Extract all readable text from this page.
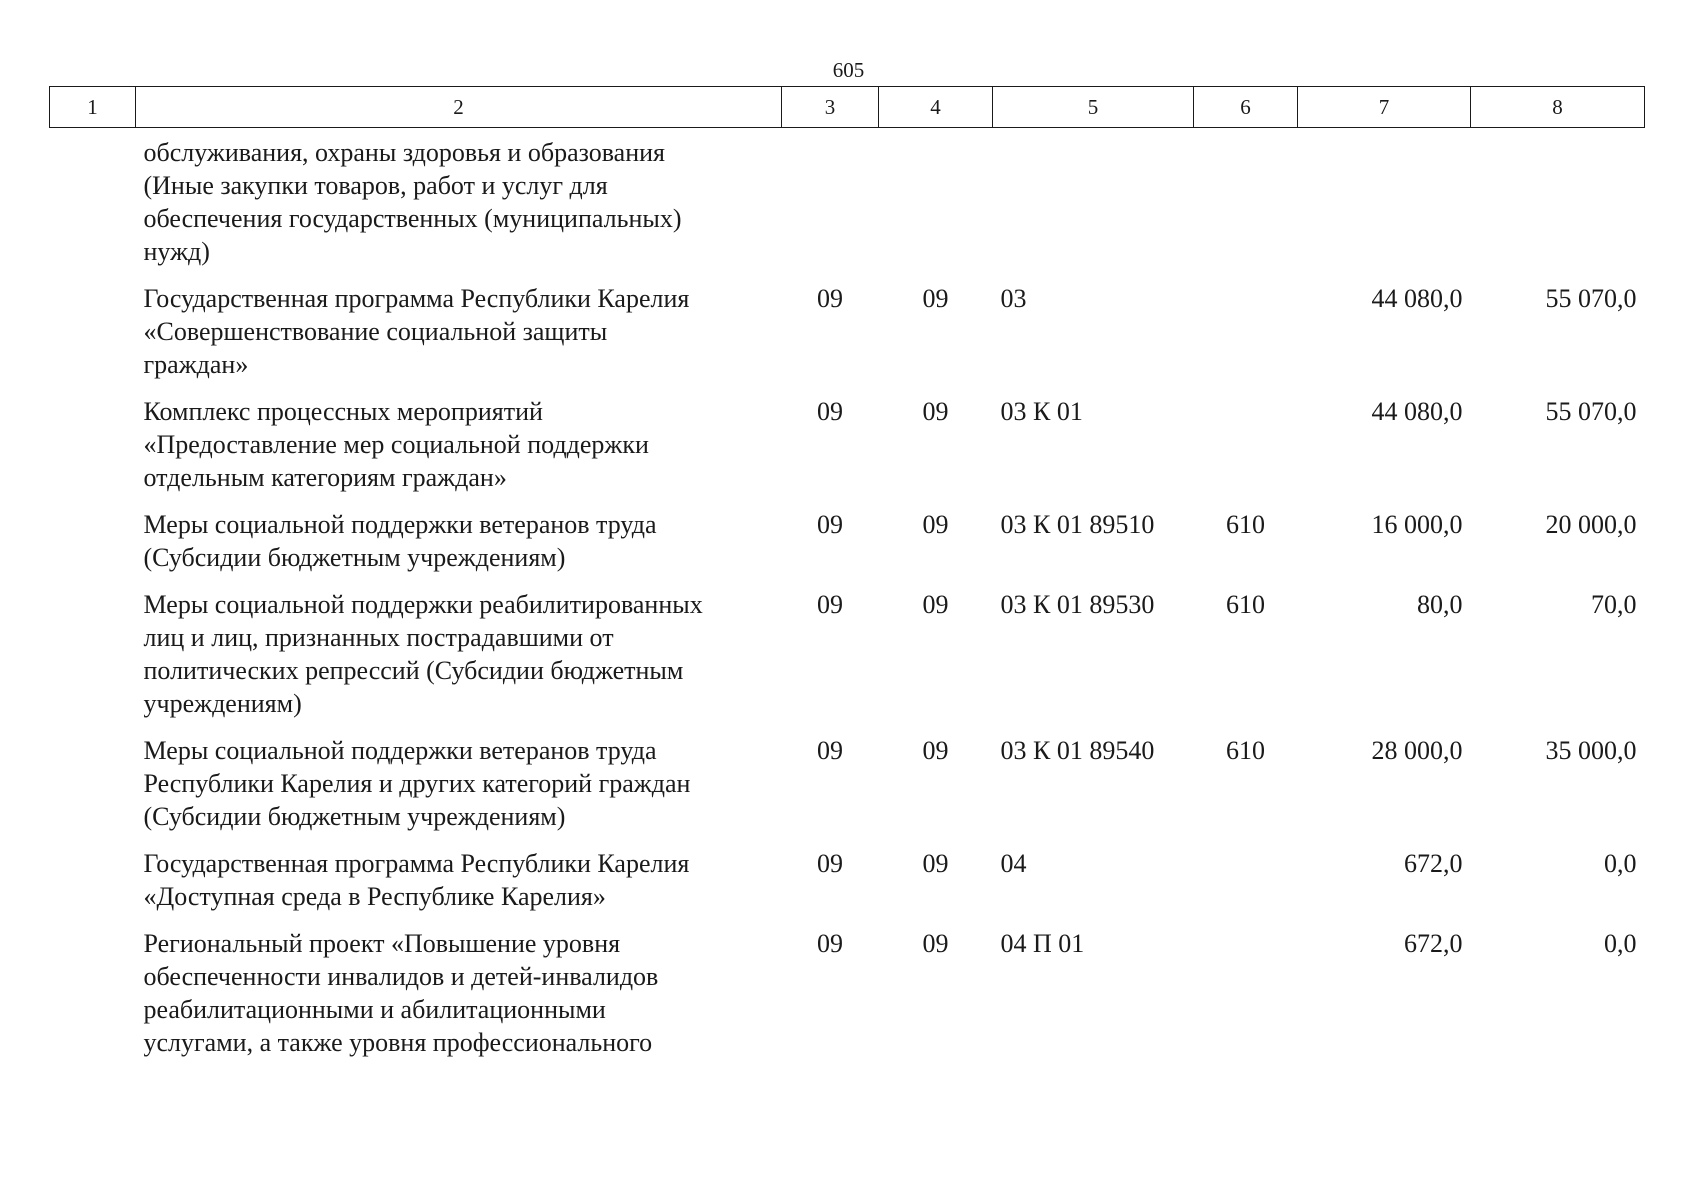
605
1	2	3	4	5	6	7	8

	обслуживания, охраны здоровья и образования
(Иные закупки товаров, работ и услуг для
обеспечения государственных (муниципальных)
нужд)						

	Государственная программа Республики Карелия
«Совершенствование социальной защиты
граждан»	09	09	03		44 080,0	55 070,0

	Комплекс процессных мероприятий
«Предоставление мер социальной поддержки
отдельным категориям граждан»	09	09	03 К 01		44 080,0	55 070,0

	Меры социальной поддержки ветеранов труда
(Субсидии бюджетным учреждениям)	09	09	03 К 01 89510	610	16 000,0	20 000,0

	Меры социальной поддержки реабилитированных
лиц и лиц, признанных пострадавшими от
политических репрессий (Субсидии бюджетным
учреждениям)	09	09	03 К 01 89530	610	80,0	70,0

	Меры социальной поддержки ветеранов труда
Республики Карелия и других категорий граждан
(Субсидии бюджетным учреждениям)	09	09	03 К 01 89540	610	28 000,0	35 000,0

	Государственная программа Республики Карелия
«Доступная среда в Республике Карелия»	09	09	04		672,0	0,0

	Региональный проект «Повышение уровня
обеспеченности инвалидов и детей-инвалидов
реабилитационными и абилитационными
услугами, а также уровня профессионального	09	09	04 П 01		672,0	0,0
